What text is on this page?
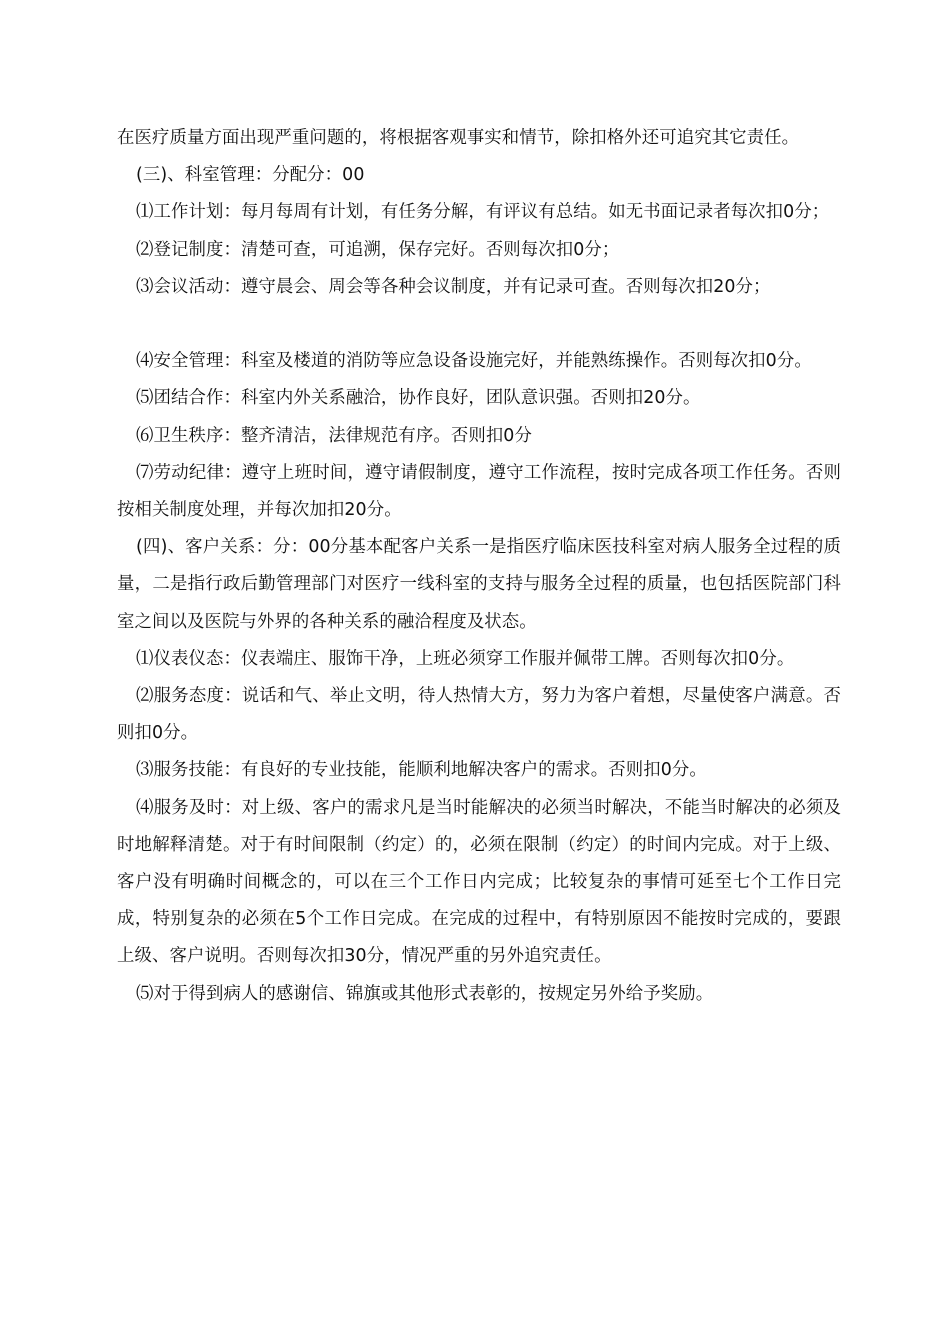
在医疗质量方面出现严重问题的，将根据客观事实和情节，除扣格外还可追究其它责任。

(三)、科室管理：分配分：00

⑴工作计划：每月每周有计划，有任务分解，有评议有总结。如无书面记录者每次扣0分；

⑵登记制度：清楚可查，可追溯，保存完好。否则每次扣0分；

⑶会议活动：遵守晨会、周会等各种会议制度，并有记录可查。否则每次扣20分；

⑷安全管理：科室及楼道的消防等应急设备设施完好，并能熟练操作。否则每次扣0分。

⑸团结合作：科室内外关系融洽，协作良好，团队意识强。否则扣20分。

⑹卫生秩序：整齐清洁，法律规范有序。否则扣0分

⑺劳动纪律：遵守上班时间，遵守请假制度，遵守工作流程，按时完成各项工作任务。否则按相关制度处理，并每次加扣20分。

(四)、客户关系：分：00分基本配客户关系一是指医疗临床医技科室对病人服务全过程的质量，二是指行政后勤管理部门对医疗一线科室的支持与服务全过程的质量，也包括医院部门科室之间以及医院与外界的各种关系的融洽程度及状态。

⑴仪表仪态：仪表端庄、服饰干净，上班必须穿工作服并佩带工牌。否则每次扣0分。

⑵服务态度：说话和气、举止文明，待人热情大方，努力为客户着想，尽量使客户满意。否则扣0分。

⑶服务技能：有良好的专业技能，能顺利地解决客户的需求。否则扣0分。

⑷服务及时：对上级、客户的需求凡是当时能解决的必须当时解决，不能当时解决的必须及时地解释清楚。对于有时间限制（约定）的，必须在限制（约定）的时间内完成。对于上级、客户没有明确时间概念的，可以在三个工作日内完成；比较复杂的事情可延至七个工作日完成，特别复杂的必须在5个工作日完成。在完成的过程中，有特别原因不能按时完成的，要跟上级、客户说明。否则每次扣30分，情况严重的另外追究责任。

⑸对于得到病人的感谢信、锦旗或其他形式表彰的，按规定另外给予奖励。
